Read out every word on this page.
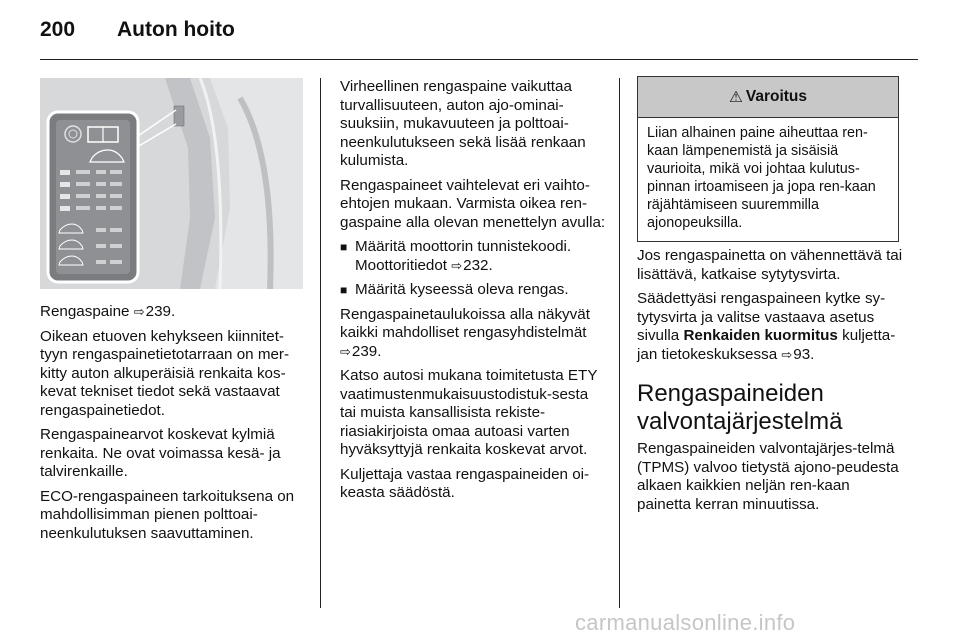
200 Auton hoito

Rengaspaine ⇨239.

Oikean etuoven kehykseen kiinnitet-tyyn rengaspainetietotarraan on mer-kitty auton alkuperäisiä renkaita kos-kevat tekniset tiedot sekä vastaavat rengaspainetiedot.

Rengaspainearvot koskevat kylmiä renkaita. Ne ovat voimassa kesä- ja talvirenkaille.

ECO-rengaspaineen tarkoituksena on mahdollisimman pienen polttoai-neenkulutuksen saavuttaminen.

Virheellinen rengaspaine vaikuttaa turvallisuuteen, auton ajo-ominai-suuksiin, mukavuuteen ja polttoai-neenkulutukseen sekä lisää renkaan kulumista.

Rengaspaineet vaihtelevat eri vaihto-ehtojen mukaan. Varmista oikea ren-gaspaine alla olevan menettelyn avulla:

■ Määritä moottorin tunnistekoodi. Moottoritiedot ⇨232.
■ Määritä kyseessä oleva rengas.

Rengaspainetaulukoissa alla näkyvät kaikki mahdolliset rengasyhdistelmät ⇨239.

Katso autosi mukana toimitetusta ETY vaatimustenmukaisuustodistuk-sesta tai muista kansallisista rekiste-riasiakirjoista omaa autoasi varten hyväksyttyjä renkaita koskevat arvot.

Kuljettaja vastaa rengaspaineiden oi-keasta säädöstä.

⚠ Varoitus
Liian alhainen paine aiheuttaa ren-kaan lämpenemistä ja sisäisiä vaurioita, mikä voi johtaa kulutus-pinnan irtoamiseen ja jopa ren-kaan räjähtämiseen suuremmilla ajonopeuksilla.

Jos rengaspainetta on vähennettävä tai lisättävä, katkaise sytytysvirta.

Säädettyäsi rengaspaineen kytke sy-tytysvirta ja valitse vastaava asetus sivulla Renkaiden kuormitus kuljetta-jan tietokeskuksessa ⇨93.

Rengaspaineiden valvontajärjestelmä

Rengaspaineiden valvontajärjes-telmä (TPMS) valvoo tietystä ajono-peudesta alkaen kaikkien neljän ren-kaan painetta kerran minuutissa.

carmanualsonline.info
